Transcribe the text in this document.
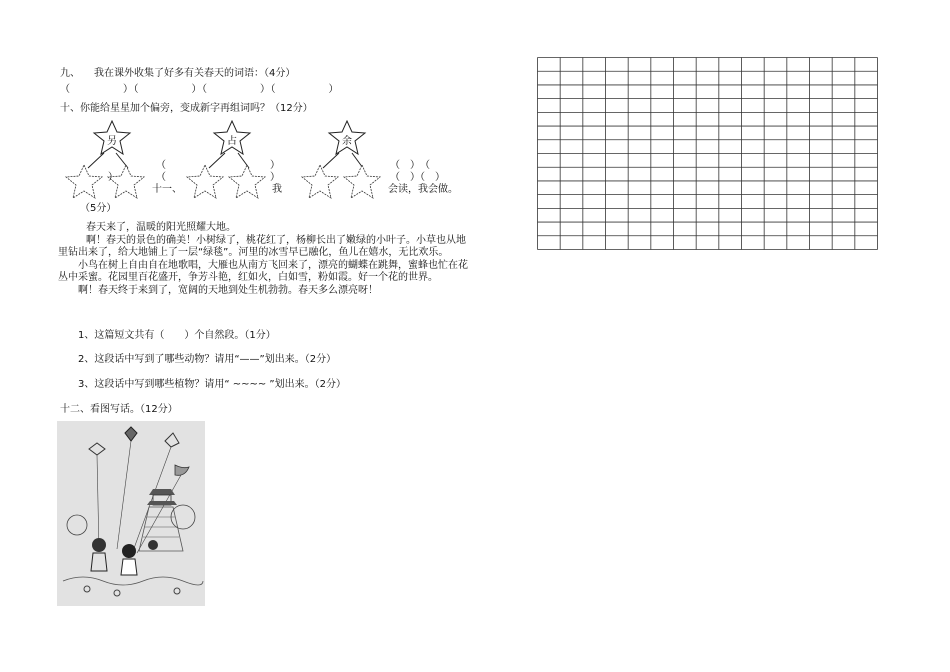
九、 我在课外收集了好多有关春天的词语：（4分）
（　　　　　）（　　　　　）（　　　　　）（　　　　　）
十、你能给星星加个偏旁，变成新字再组词吗？（12分）
另	占	余
（
）	（
）
）
（　）　（
（　）（　）
十一、	我	会读，我会做。
（5分）

春天来了，温暖的阳光照耀大地。

啊！春天的景色的确美！小树绿了，桃花红了，杨柳长出了嫩绿的小叶子。小草也从地里钻出来了，给大地铺上了一层“绿毯”。河里的冰雪早已融化，鱼儿在嬉水，无比欢乐。

小鸟在树上自由自在地歌唱，大雁也从南方飞回来了，漂亮的蝴蝶在跳舞，蜜蜂也忙在花丛中采蜜。花园里百花盛开，争芳斗艳，红如火，白如雪，粉如霞。好一个花的世界。

啊！春天终于来到了，宽阔的天地到处生机勃勃。春天多么漂亮呀！

1、这篇短文共有（　　）个自然段。（1分）
2、这段话中写到了哪些动物？请用“——”划出来。（2分）
3、这段话中写到哪些植物？请用“ ~~~~ ”划出来。（2分）
十二、看图写话。（12分）
